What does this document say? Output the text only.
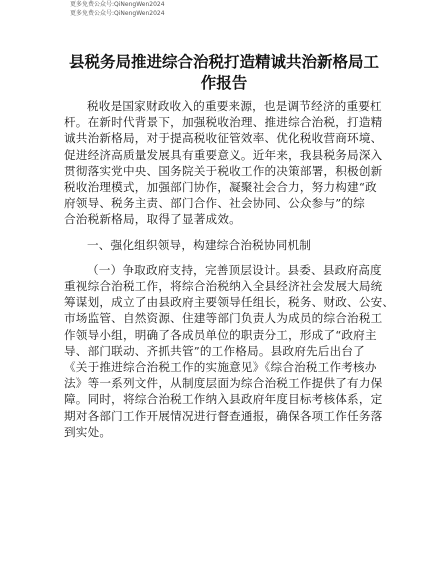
更多免费公众号:QiNengWen2024
更多免费公众号:QiNengWen2024
县税务局推进综合治税打造精诚共治新格局工
作报告
税收是国家财政收入的重要来源，也是调节经济的重要杠
杆。在新时代背景下，加强税收治理、推进综合治税，打造精
诚共治新格局，对于提高税收征管效率、优化税收营商环境、
促进经济高质量发展具有重要意义。近年来，我县税务局深入
贯彻落实党中央、国务院关于税收工作的决策部署，积极创新
税收治理模式，加强部门协作，凝聚社会合力，努力构建“政
府领导、税务主责、部门合作、社会协同、公众参与”的综
合治税新格局，取得了显著成效。
一、强化组织领导，构建综合治税协同机制
（一）争取政府支持，完善顶层设计。县委、县政府高度
重视综合治税工作，将综合治税纳入全县经济社会发展大局统
筹谋划，成立了由县政府主要领导任组长，税务、财政、公安、
市场监管、自然资源、住建等部门负责人为成员的综合治税工
作领导小组，明确了各成员单位的职责分工，形成了“政府主
导、部门联动、齐抓共管”的工作格局。县政府先后出台了
《关于推进综合治税工作的实施意见》《综合治税工作考核办
法》等一系列文件，从制度层面为综合治税工作提供了有力保
障。同时，将综合治税工作纳入县政府年度目标考核体系，定
期对各部门工作开展情况进行督查通报，确保各项工作任务落
到实处。
